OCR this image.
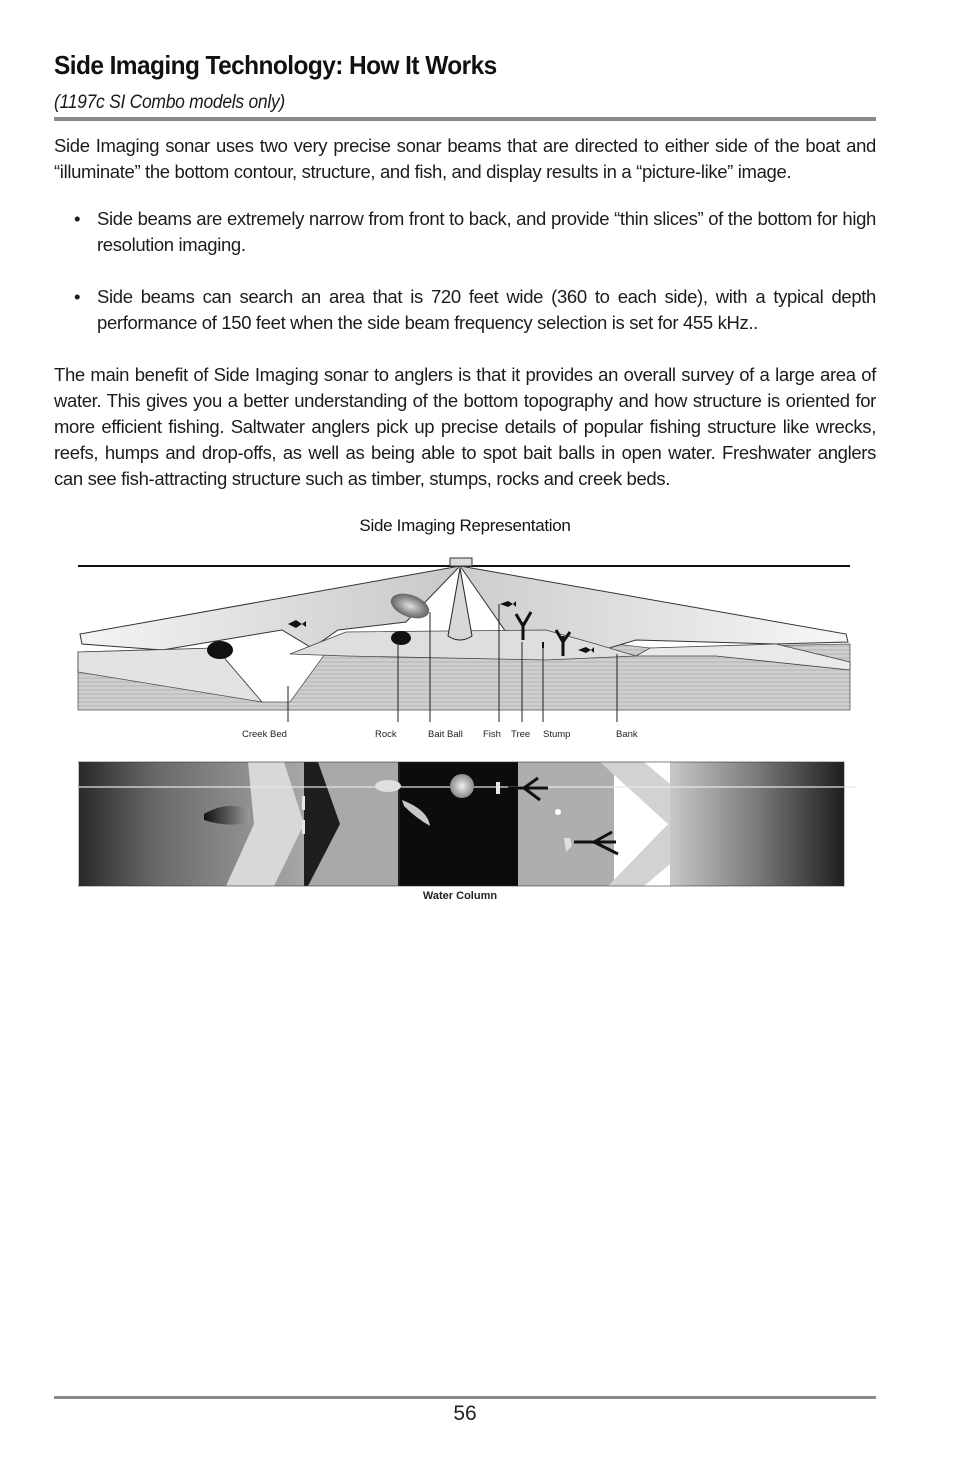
Side Imaging Technology: How It Works
(1197c SI Combo models only)

Side Imaging sonar uses two very precise sonar beams that are directed to either side of the boat and “illuminate” the bottom contour, structure, and fish, and display results in a “picture-like” image.

• Side beams are extremely narrow from front to back, and provide “thin slices” of the bottom for high resolution imaging.
• Side beams can search an area that is 720 feet wide (360 to each side), with a typical depth performance of 150 feet when the side beam frequency selection is set for 455 kHz..

The main benefit of Side Imaging sonar to anglers is that it provides an overall survey of a large area of water. This gives you a better understanding of the bottom topography and how structure is oriented for more efficient fishing. Saltwater anglers pick up precise details of popular fishing structure like wrecks, reefs, humps and drop-offs, as well as being able to spot bait balls in open water. Freshwater anglers can see fish-attracting structure such as timber, stumps, rocks and creek beds.

Side Imaging Representation
Creek Bed	Rock	Bait Ball Fish Tree Stump	Bank
Water Column
56
